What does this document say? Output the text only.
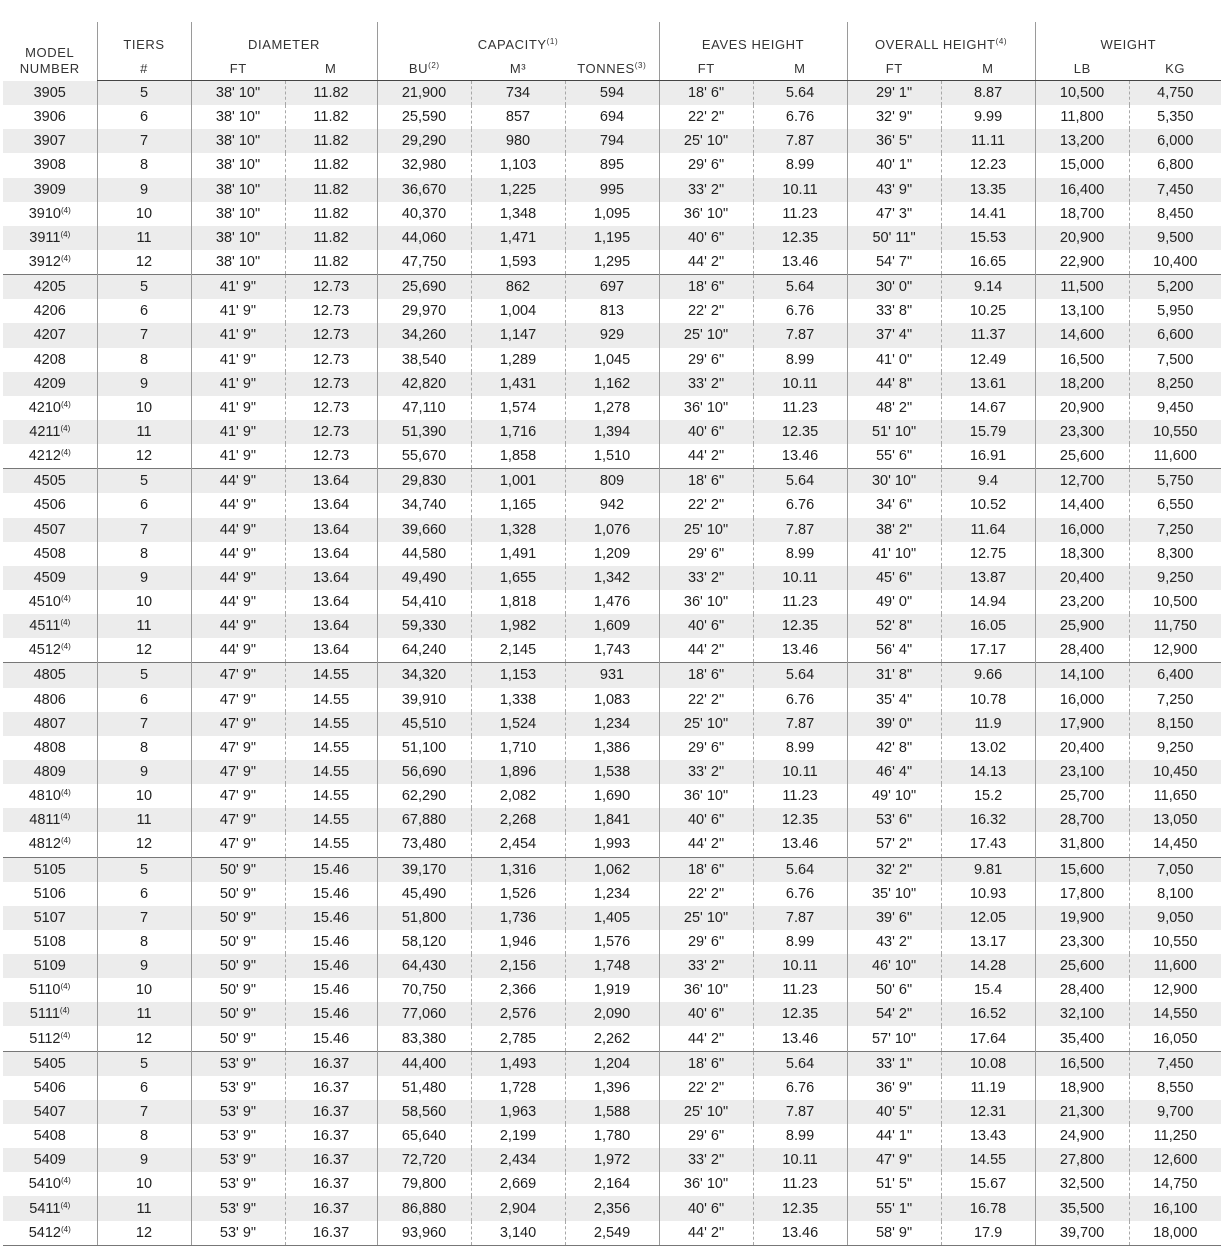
MODEL
NUMBER	TIERS	DIAMETER		CAPACITY$^{(1)}$			EAVES HEIGHT		OVERALL HEIGHT$^{(4)}$		WEIGHT	
	#	FT	M	BU$^{(2)}$	M³	TONNES$^{(3)}$	FT	M	FT	M	LB	KG
3905	5	38' 10"	11.82	21,900	734	594	18' 6"	5.64	29' 1"	8.87	10,500	4,750
3906	6	38' 10"	11.82	25,590	857	694	22' 2"	6.76	32' 9"	9.99	11,800	5,350
3907	7	38' 10"	11.82	29,290	980	794	25' 10"	7.87	36' 5"	11.11	13,200	6,000
3908	8	38' 10"	11.82	32,980	1,103	895	29' 6"	8.99	40' 1"	12.23	15,000	6,800
3909	9	38' 10"	11.82	36,670	1,225	995	33' 2"	10.11	43' 9"	13.35	16,400	7,450
3910$^{(4)}$	10	38' 10"	11.82	40,370	1,348	1,095	36' 10"	11.23	47' 3"	14.41	18,700	8,450
3911$^{(4)}$	11	38' 10"	11.82	44,060	1,471	1,195	40' 6"	12.35	50' 11"	15.53	20,900	9,500
3912$^{(4)}$	12	38' 10"	11.82	47,750	1,593	1,295	44' 2"	13.46	54' 7"	16.65	22,900	10,400
4205	5	41' 9"	12.73	25,690	862	697	18' 6"	5.64	30' 0"	9.14	11,500	5,200
4206	6	41' 9"	12.73	29,970	1,004	813	22' 2"	6.76	33' 8"	10.25	13,100	5,950
4207	7	41' 9"	12.73	34,260	1,147	929	25' 10"	7.87	37' 4"	11.37	14,600	6,600
4208	8	41' 9"	12.73	38,540	1,289	1,045	29' 6"	8.99	41' 0"	12.49	16,500	7,500
4209	9	41' 9"	12.73	42,820	1,431	1,162	33' 2"	10.11	44' 8"	13.61	18,200	8,250
4210$^{(4)}$	10	41' 9"	12.73	47,110	1,574	1,278	36' 10"	11.23	48' 2"	14.67	20,900	9,450
4211$^{(4)}$	11	41' 9"	12.73	51,390	1,716	1,394	40' 6"	12.35	51' 10"	15.79	23,300	10,550
4212$^{(4)}$	12	41' 9"	12.73	55,670	1,858	1,510	44' 2"	13.46	55' 6"	16.91	25,600	11,600
4505	5	44' 9"	13.64	29,830	1,001	809	18' 6"	5.64	30' 10"	9.4	12,700	5,750
4506	6	44' 9"	13.64	34,740	1,165	942	22' 2"	6.76	34' 6"	10.52	14,400	6,550
4507	7	44' 9"	13.64	39,660	1,328	1,076	25' 10"	7.87	38' 2"	11.64	16,000	7,250
4508	8	44' 9"	13.64	44,580	1,491	1,209	29' 6"	8.99	41' 10"	12.75	18,300	8,300
4509	9	44' 9"	13.64	49,490	1,655	1,342	33' 2"	10.11	45' 6"	13.87	20,400	9,250
4510$^{(4)}$	10	44' 9"	13.64	54,410	1,818	1,476	36' 10"	11.23	49' 0"	14.94	23,200	10,500
4511$^{(4)}$	11	44' 9"	13.64	59,330	1,982	1,609	40' 6"	12.35	52' 8"	16.05	25,900	11,750
4512$^{(4)}$	12	44' 9"	13.64	64,240	2,145	1,743	44' 2"	13.46	56' 4"	17.17	28,400	12,900
4805	5	47' 9"	14.55	34,320	1,153	931	18' 6"	5.64	31' 8"	9.66	14,100	6,400
4806	6	47' 9"	14.55	39,910	1,338	1,083	22' 2"	6.76	35' 4"	10.78	16,000	7,250
4807	7	47' 9"	14.55	45,510	1,524	1,234	25' 10"	7.87	39' 0"	11.9	17,900	8,150
4808	8	47' 9"	14.55	51,100	1,710	1,386	29' 6"	8.99	42' 8"	13.02	20,400	9,250
4809	9	47' 9"	14.55	56,690	1,896	1,538	33' 2"	10.11	46' 4"	14.13	23,100	10,450
4810$^{(4)}$	10	47' 9"	14.55	62,290	2,082	1,690	36' 10"	11.23	49' 10"	15.2	25,700	11,650
4811$^{(4)}$	11	47' 9"	14.55	67,880	2,268	1,841	40' 6"	12.35	53' 6"	16.32	28,700	13,050
4812$^{(4)}$	12	47' 9"	14.55	73,480	2,454	1,993	44' 2"	13.46	57' 2"	17.43	31,800	14,450
5105	5	50' 9"	15.46	39,170	1,316	1,062	18' 6"	5.64	32' 2"	9.81	15,600	7,050
5106	6	50' 9"	15.46	45,490	1,526	1,234	22' 2"	6.76	35' 10"	10.93	17,800	8,100
5107	7	50' 9"	15.46	51,800	1,736	1,405	25' 10"	7.87	39' 6"	12.05	19,900	9,050
5108	8	50' 9"	15.46	58,120	1,946	1,576	29' 6"	8.99	43' 2"	13.17	23,300	10,550
5109	9	50' 9"	15.46	64,430	2,156	1,748	33' 2"	10.11	46' 10"	14.28	25,600	11,600
5110$^{(4)}$	10	50' 9"	15.46	70,750	2,366	1,919	36' 10"	11.23	50' 6"	15.4	28,400	12,900
5111$^{(4)}$	11	50' 9"	15.46	77,060	2,576	2,090	40' 6"	12.35	54' 2"	16.52	32,100	14,550
5112$^{(4)}$	12	50' 9"	15.46	83,380	2,785	2,262	44' 2"	13.46	57' 10"	17.64	35,400	16,050
5405	5	53' 9"	16.37	44,400	1,493	1,204	18' 6"	5.64	33' 1"	10.08	16,500	7,450
5406	6	53' 9"	16.37	51,480	1,728	1,396	22' 2"	6.76	36' 9"	11.19	18,900	8,550
5407	7	53' 9"	16.37	58,560	1,963	1,588	25' 10"	7.87	40' 5"	12.31	21,300	9,700
5408	8	53' 9"	16.37	65,640	2,199	1,780	29' 6"	8.99	44' 1"	13.43	24,900	11,250
5409	9	53' 9"	16.37	72,720	2,434	1,972	33' 2"	10.11	47' 9"	14.55	27,800	12,600
5410$^{(4)}$	10	53' 9"	16.37	79,800	2,669	2,164	36' 10"	11.23	51' 5"	15.67	32,500	14,750
5411$^{(4)}$	11	53' 9"	16.37	86,880	2,904	2,356	40' 6"	12.35	55' 1"	16.78	35,500	16,100
5412$^{(4)}$	12	53' 9"	16.37	93,960	3,140	2,549	44' 2"	13.46	58' 9"	17.9	39,700	18,000
